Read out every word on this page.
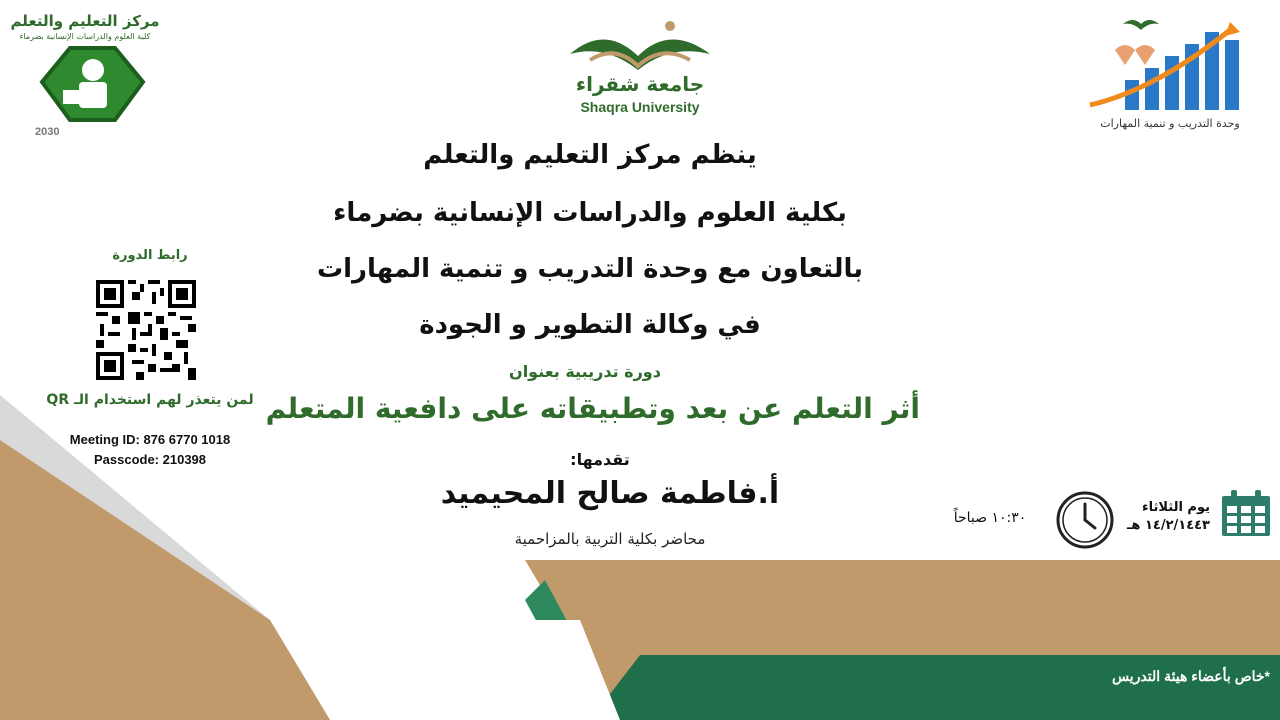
مركز التعليم والتعلم
كلية العلوم والدراسات الإنسانية بضرماء
2030
جامعة شقراء
Shaqra University
وحدة التدريب و تنمية المهارات
ينظم مركز التعليم والتعلم
بكلية العلوم والدراسات الإنسانية بضرماء
بالتعاون مع وحدة التدريب و تنمية المهارات
في وكالة التطوير و الجودة
دورة تدريبية بعنوان
أثر التعلم عن بعد وتطبيقاته على دافعية المتعلم
تقدمها:
أ.فاطمة صالح المحيميد
محاضر بكلية التربية بالمزاحمية
رابط الدورة
لمن يتعذر لهم استخدام الـ QR
Meeting ID: 876 6770 1018
Passcode: 210398
١٠:٣٠ صباحاً
يوم الثلاثاء
١٤/٢/١٤٤٣ هـ
*خاص بأعضاء هيئة التدريس
